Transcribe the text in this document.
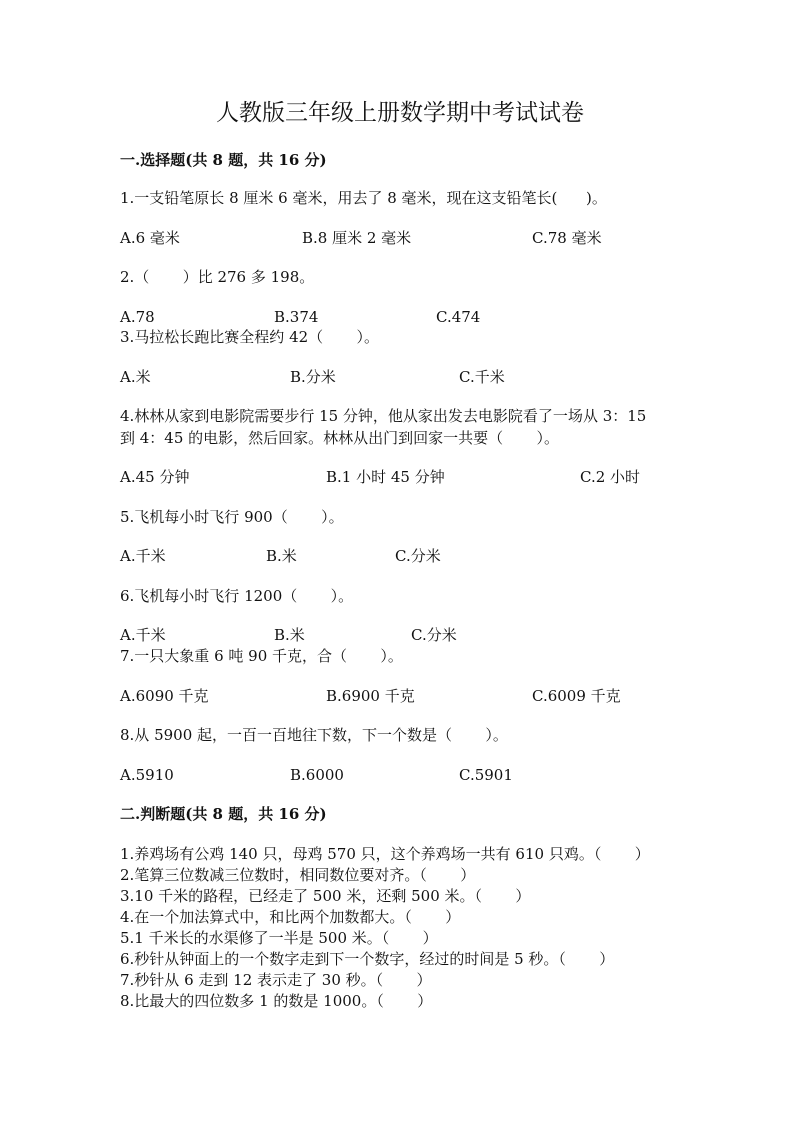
人教版三年级上册数学期中考试试卷
一.选择题(共 8 题，共 16 分)
1.一支铅笔原长 8 厘米 6 毫米，用去了 8 毫米，现在这支铅笔长(      )。
A.6 毫米	B.8 厘米 2 毫米	C.78 毫米
2.（       ）比 276 多 198。
A.78	B.374	C.474
3.马拉松长跑比赛全程约 42（       ）。
A.米	B.分米	C.千米
4.林林从家到电影院需要步行 15 分钟，他从家出发去电影院看了一场从 3：15
到 4：45 的电影，然后回家。林林从出门到回家一共要（       ）。
A.45 分钟	B.1 小时 45 分钟	C.2 小时
5.飞机每小时飞行 900（       ）。
A.千米	B.米	C.分米
6.飞机每小时飞行 1200（       ）。
A.千米	B.米	C.分米
7.一只大象重 6 吨 90 千克，合（       ）。
A.6090 千克	B.6900 千克	C.6009 千克
8.从 5900 起，一百一百地往下数，下一个数是（       ）。
A.5910	B.6000	C.5901
二.判断题(共 8 题，共 16 分)
1.养鸡场有公鸡 140 只，母鸡 570 只，这个养鸡场一共有 610 只鸡。（       ）
2.笔算三位数减三位数时，相同数位要对齐。（       ）
3.10 千米的路程，已经走了 500 米，还剩 500 米。（       ）
4.在一个加法算式中，和比两个加数都大。（       ）
5.1 千米长的水渠修了一半是 500 米。（       ）
6.秒针从钟面上的一个数字走到下一个数字，经过的时间是 5 秒。（       ）
7.秒针从 6 走到 12 表示走了 30 秒。（       ）
8.比最大的四位数多 1 的数是 1000。（       ）
